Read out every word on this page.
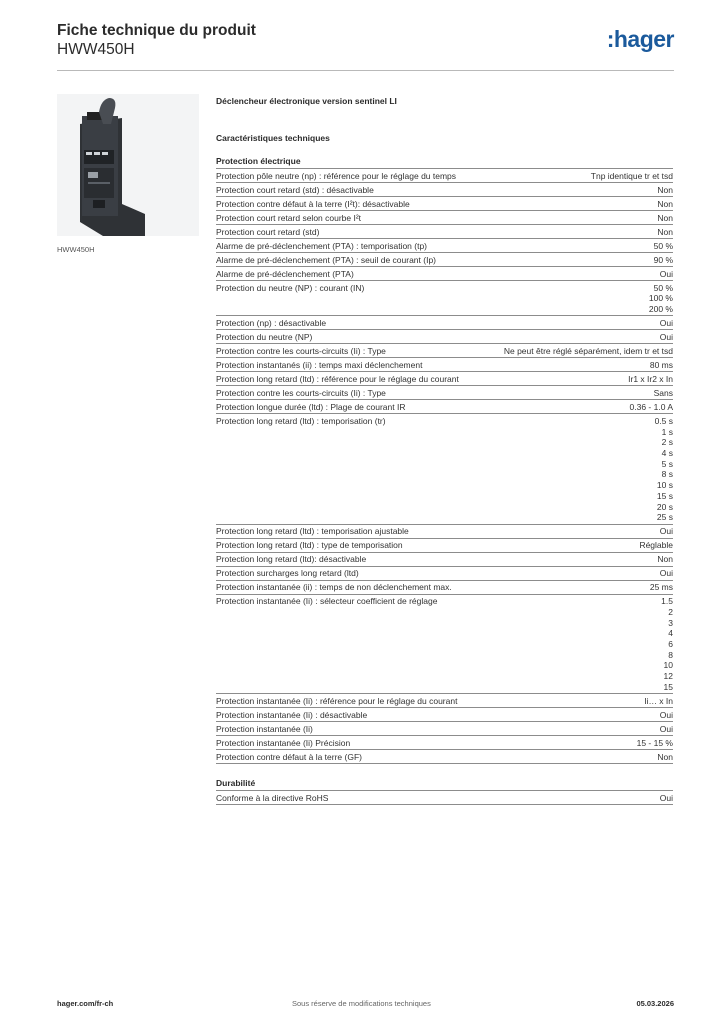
Fiche technique du produit
HWW450H	:hager
HWW450H
Déclencheur électronique version sentinel LI
Caractéristiques techniques
Protection électrique
Protection pôle neutre (np) : référence pour le réglage du temps	Tnp identique tr et tsd
Protection court retard (std) : désactivable	Non
Protection contre défaut à la terre (I²t): désactivable	Non
Protection court retard selon courbe I²t	Non
Protection court retard (std)	Non
Alarme de pré-déclenchement (PTA) : temporisation (tp)	50 %
Alarme de pré-déclenchement (PTA) : seuil de courant (Ip)	90 %
Alarme de pré-déclenchement (PTA)	Oui
Protection du neutre (NP) : courant (IN)	50 %
100 %
200 %
Protection (np) : désactivable	Oui
Protection du neutre (NP)	Oui
Protection contre les courts-circuits (Ii) : Type	Ne peut être réglé séparément, idem tr et tsd
Protection instantanés (ii) : temps maxi déclenchement	80 ms
Protection long retard (ltd) : référence pour le réglage du courant	Ir1 x Ir2 x In
Protection contre les courts-circuits (Ii) : Type	Sans
Protection longue durée (ltd) : Plage de courant IR	0.36 - 1.0 A
Protection long retard (ltd) : temporisation (tr)	0.5 s
1 s
2 s
4 s
5 s
8 s
10 s
15 s
20 s
25 s
Protection long retard (ltd) : temporisation ajustable	Oui
Protection long retard (ltd) : type de temporisation	Réglable
Protection long retard (ltd): désactivable	Non
Protection surcharges long retard (ltd)	Oui
Protection instantanée (ii) : temps de non déclenchement max.	25 ms
Protection instantanée (Ii) : sélecteur coefficient de réglage	1.5
2
3
4
6
8
10
12
15
Protection instantanée (Ii) : référence pour le réglage du courant	Ii… x In
Protection instantanée (Ii) : désactivable	Oui
Protection instantanée (Ii)	Oui
Protection instantanée (Ii) Précision	15 - 15 %
Protection contre défaut à la terre (GF)	Non
Durabilité
Conforme à la directive RoHS	Oui
hager.com/fr-ch	Sous réserve de modifications techniques	05.03.2026
